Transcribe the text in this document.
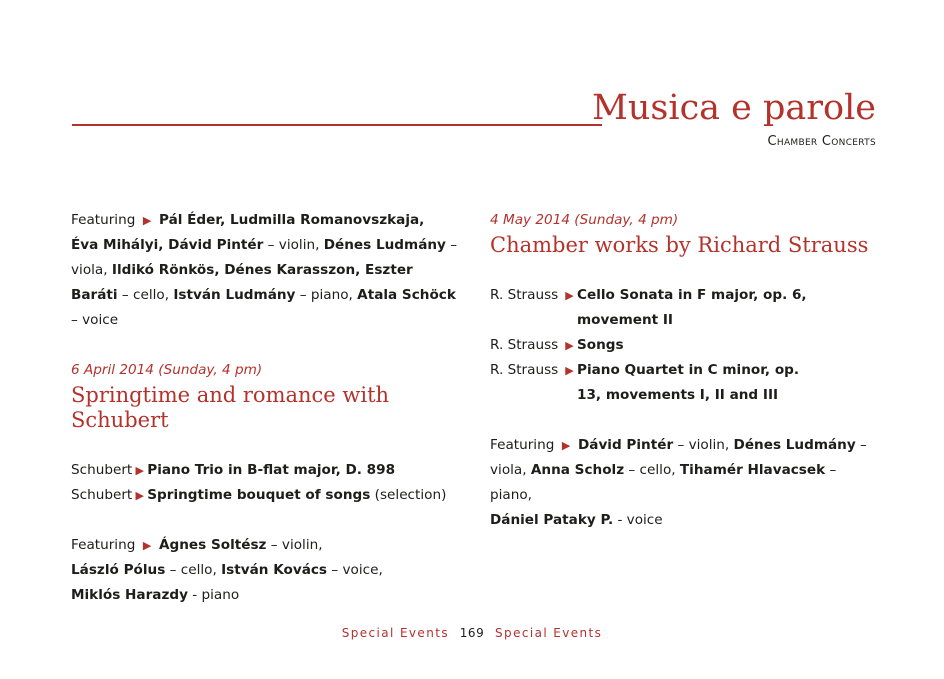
Musica e parole
Chamber Concerts

Featuring ▶ Pál Éder, Ludmilla Romanovszkaja,
Éva Mihályi, Dávid Pintér – violin, Dénes Ludmány – viola, Ildikó Rönkös, Dénes Karasszon, Eszter Baráti – cello, István Ludmány – piano, Atala Schöck – voice

6 April 2014 (Sunday, 4 pm)
Springtime and romance with Schubert
Schubert ▶ Piano Trio in B-flat major, D. 898
Schubert ▶ Springtime bouquet of songs (selection)

Featuring ▶ Ágnes Soltész – violin,
László Pólus – cello, István Kovács – voice,
Miklós Harazdy - piano

4 May 2014 (Sunday, 4 pm)
Chamber works by Richard Strauss
R. Strauss ▶ Cello Sonata in F major, op. 6, movement II
R. Strauss ▶ Songs
R. Strauss ▶ Piano Quartet in C minor, op. 13, movements I, II and III

Featuring ▶ Dávid Pintér – violin, Dénes Ludmány – viola, Anna Scholz – cello, Tihamér Hlavacsek – piano,
Dániel Pataky P. - voice

Special Events 169 Special Events
